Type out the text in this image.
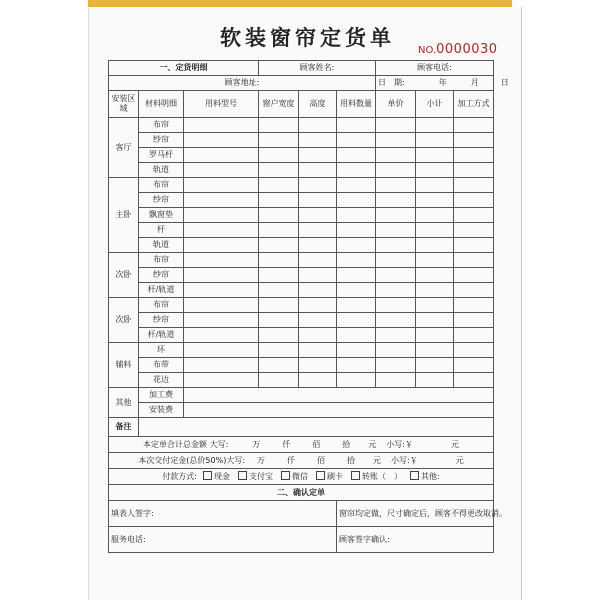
软装窗帘定货单
NO.0000030
一、定货明细			顾客姓名:			顾客电话:		
顾客地址:						日　期: 年 月 日		
安装区域	材料明细	用料型号	窗户宽度	高度	用料数量	单价	小计	加工方式
客厅	布帘							
	纱帘							
	罗马杆							
	轨道							
主卧	布帘							
	纱帘							
	飘窗垫							
	杆							
	轨道							
次卧	布帘							
	纱帘							
	杆/轨道							
次卧	布帘							
	纱帘							
	杆/轨道							
辅料	环							
	布带							
	花边							
其他	加工费							
	安装费							
备注								
本定单合计总金额 大写: 万 仟 佰 拾 元 小写:￥ 元								
本次交付定金(总价50%)大写: 万 仟 佰 拾 元 小写:￥ 元								
付款方式: 现金 支付宝 微信 刷卡 转账（　） 其他:								
二、确认定单								
填表人签字:					窗帘均定做，尺寸确定后，顾客不得更改取消。			
服务电话:					顾客签字确认:			
